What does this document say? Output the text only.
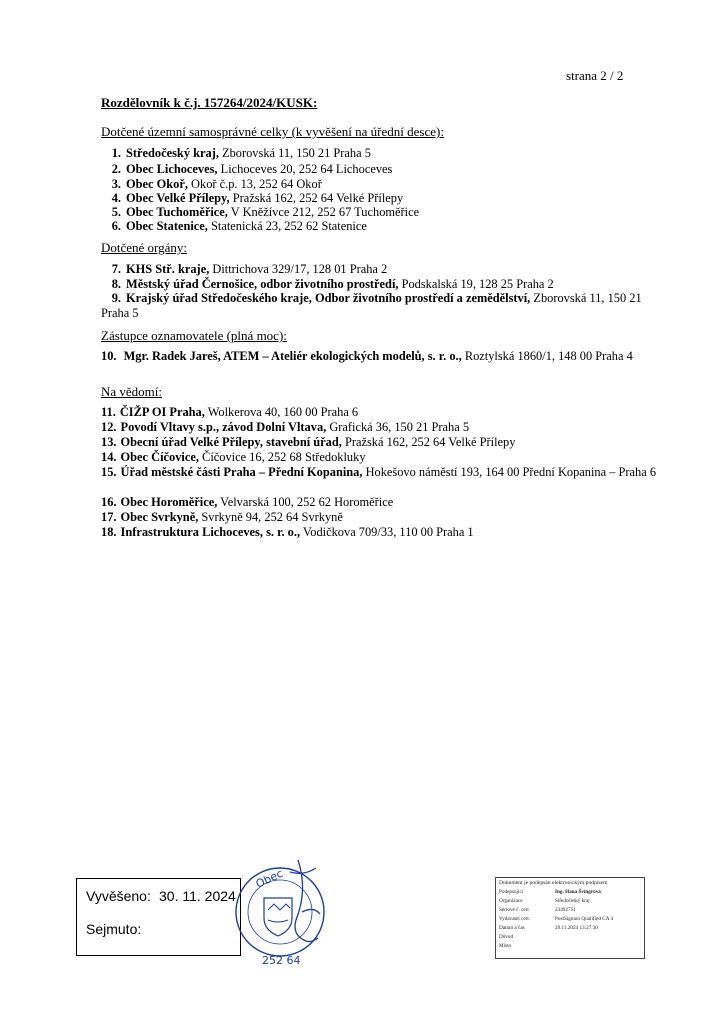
strana 2 / 2
Rozdělovník k č.j. 157264/2024/KUSK:
Dotčené územní samosprávné celky (k vyvěšení na úřední desce):
1. Středočeský kraj, Zborovská 11, 150 21 Praha 5
2. Obec Lichoceves, Lichoceves 20, 252 64 Lichoceves
3. Obec Okoř, Okoř č.p. 13, 252 64 Okoř
4. Obec Velké Přílepy, Pražská 162, 252 64 Velké Přílepy
5. Obec Tuchoměřice, V Kněžívce 212, 252 67 Tuchoměřice
6. Obec Statenice, Statenická 23, 252 62 Statenice
Dotčené orgány:
7. KHS Stř. kraje, Dittrichova 329/17, 128 01 Praha 2
8. Městský úřad Černošice, odbor životního prostředí, Podskalská 19, 128 25 Praha 2
9. Krajský úřad Středočeského kraje, Odbor životního prostředí a zemědělství, Zborovská 11, 150 21 Praha 5
Zástupce oznamovatele (plná moc):
10. Mgr. Radek Jareš, ATEM – Ateliér ekologických modelů, s. r. o., Roztylská 1860/1, 148 00 Praha 4
Na vědomí:
11. ČIŽP OI Praha, Wolkerova 40, 160 00 Praha 6
12. Povodí Vltavy s.p., závod Dolní Vltava, Grafická 36, 150 21 Praha 5
13. Obecní úřad Velké Přílepy, stavební úřad, Pražská 162, 252 64 Velké Přílepy
14. Obec Číčovice, Číčovice 16, 252 68 Středokluky
15. Úřad městské části Praha – Přední Kopanina, Hokešovo náměstí 193, 164 00 Přední Kopanina – Praha 6
16. Obec Horoměřice, Velvarská 100, 252 62 Horoměřice
17. Obec Svrkyně, Svrkyně 94, 252 64 Svrkyně
18. Infrastruktura Lichoceves, s. r. o., Vodičkova 709/33, 110 00 Praha 1
Vyvěšeno: 30. 11. 2024
Sejmuto:
Obec
252 64
Dokument je podepsán elektronickým podpisem
Podepsující	Ing. Hana Švingrová
Organizace	Středočeský kraj
Sériové č. cert	23492751
Vydavatel cert.	PostSignum Qualified CA 4
Datum a čas	29.11.2024 13:27:30
Důvod
Místo
